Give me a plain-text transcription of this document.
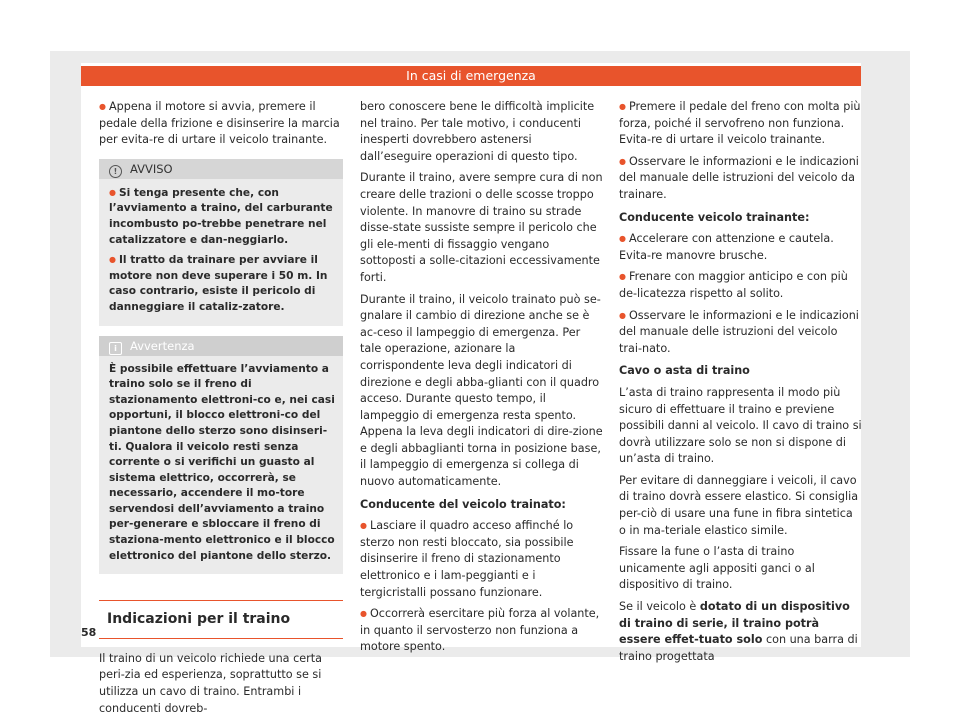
In casi di emergenza

● Appena il motore si avvia, premere il pedale della frizione e disinserire la marcia per evita-re di urtare il veicolo trainante.

! AVVISO

● Si tenga presente che, con l’avviamento a traino, del carburante incombusto po-trebbe penetrare nel catalizzatore e dan-neggiarlo.

● Il tratto da trainare per avviare il motore non deve superare i 50 m. In caso contrario, esiste il pericolo di danneggiare il cataliz-zatore.

i Avvertenza

È possibile effettuare l’avviamento a traino solo se il freno di stazionamento elettroni-co e, nei casi opportuni, il blocco elettroni-co del piantone dello sterzo sono disinseri-ti. Qualora il veicolo resti senza corrente o si verifichi un guasto al sistema elettrico, occorrerà, se necessario, accendere il mo-tore servendosi dell’avviamento a traino per-generare e sbloccare il freno di staziona-mento elettronico e il blocco elettronico del piantone dello sterzo.

Indicazioni per il traino

Il traino di un veicolo richiede una certa peri-zia ed esperienza, soprattutto se si utilizza un cavo di traino. Entrambi i conducenti dovreb-

bero conoscere bene le difficoltà implicite nel traino. Per tale motivo, i conducenti inesperti dovrebbero astenersi dall’eseguire operazioni di questo tipo.

Durante il traino, avere sempre cura di non creare delle trazioni o delle scosse troppo violente. In manovre di traino su strade disse-state sussiste sempre il pericolo che gli ele-menti di fissaggio vengano sottoposti a solle-citazioni eccessivamente forti.

Durante il traino, il veicolo trainato può se-gnalare il cambio di direzione anche se è ac-ceso il lampeggio di emergenza. Per tale operazione, azionare la corrispondente leva degli indicatori di direzione e degli abba-glianti con il quadro acceso. Durante questo tempo, il lampeggio di emergenza resta spento. Appena la leva degli indicatori di dire-zione e degli abbaglianti torna in posizione base, il lampeggio di emergenza si collega di nuovo automaticamente.

Conducente del veicolo trainato:

● Lasciare il quadro acceso affinché lo sterzo non resti bloccato, sia possibile disinserire il freno di stazionamento elettronico e i lam-peggianti e i tergicristalli possano funzionare.

● Occorrerà esercitare più forza al volante, in quanto il servosterzo non funziona a motore spento.

● Premere il pedale del freno con molta più forza, poiché il servofreno non funziona. Evita-re di urtare il veicolo trainante.

● Osservare le informazioni e le indicazioni del manuale delle istruzioni del veicolo da trainare.

Conducente veicolo trainante:

● Accelerare con attenzione e cautela. Evita-re manovre brusche.

● Frenare con maggior anticipo e con più de-licatezza rispetto al solito.

● Osservare le informazioni e le indicazioni del manuale delle istruzioni del veicolo trai-nato.

Cavo o asta di traino

L’asta di traino rappresenta il modo più sicuro di effettuare il traino e previene possibili danni al veicolo. Il cavo di traino si dovrà utilizzare solo se non si dispone di un’asta di traino.

Per evitare di danneggiare i veicoli, il cavo di traino dovrà essere elastico. Si consiglia per-ciò di usare una fune in fibra sintetica o in ma-teriale elastico simile.

Fissare la fune o l’asta di traino unicamente agli appositi ganci o al dispositivo di traino.

Se il veicolo è dotato di un dispositivo di traino di serie, il traino potrà essere effet-tuato solo con una barra di traino progettata

58
